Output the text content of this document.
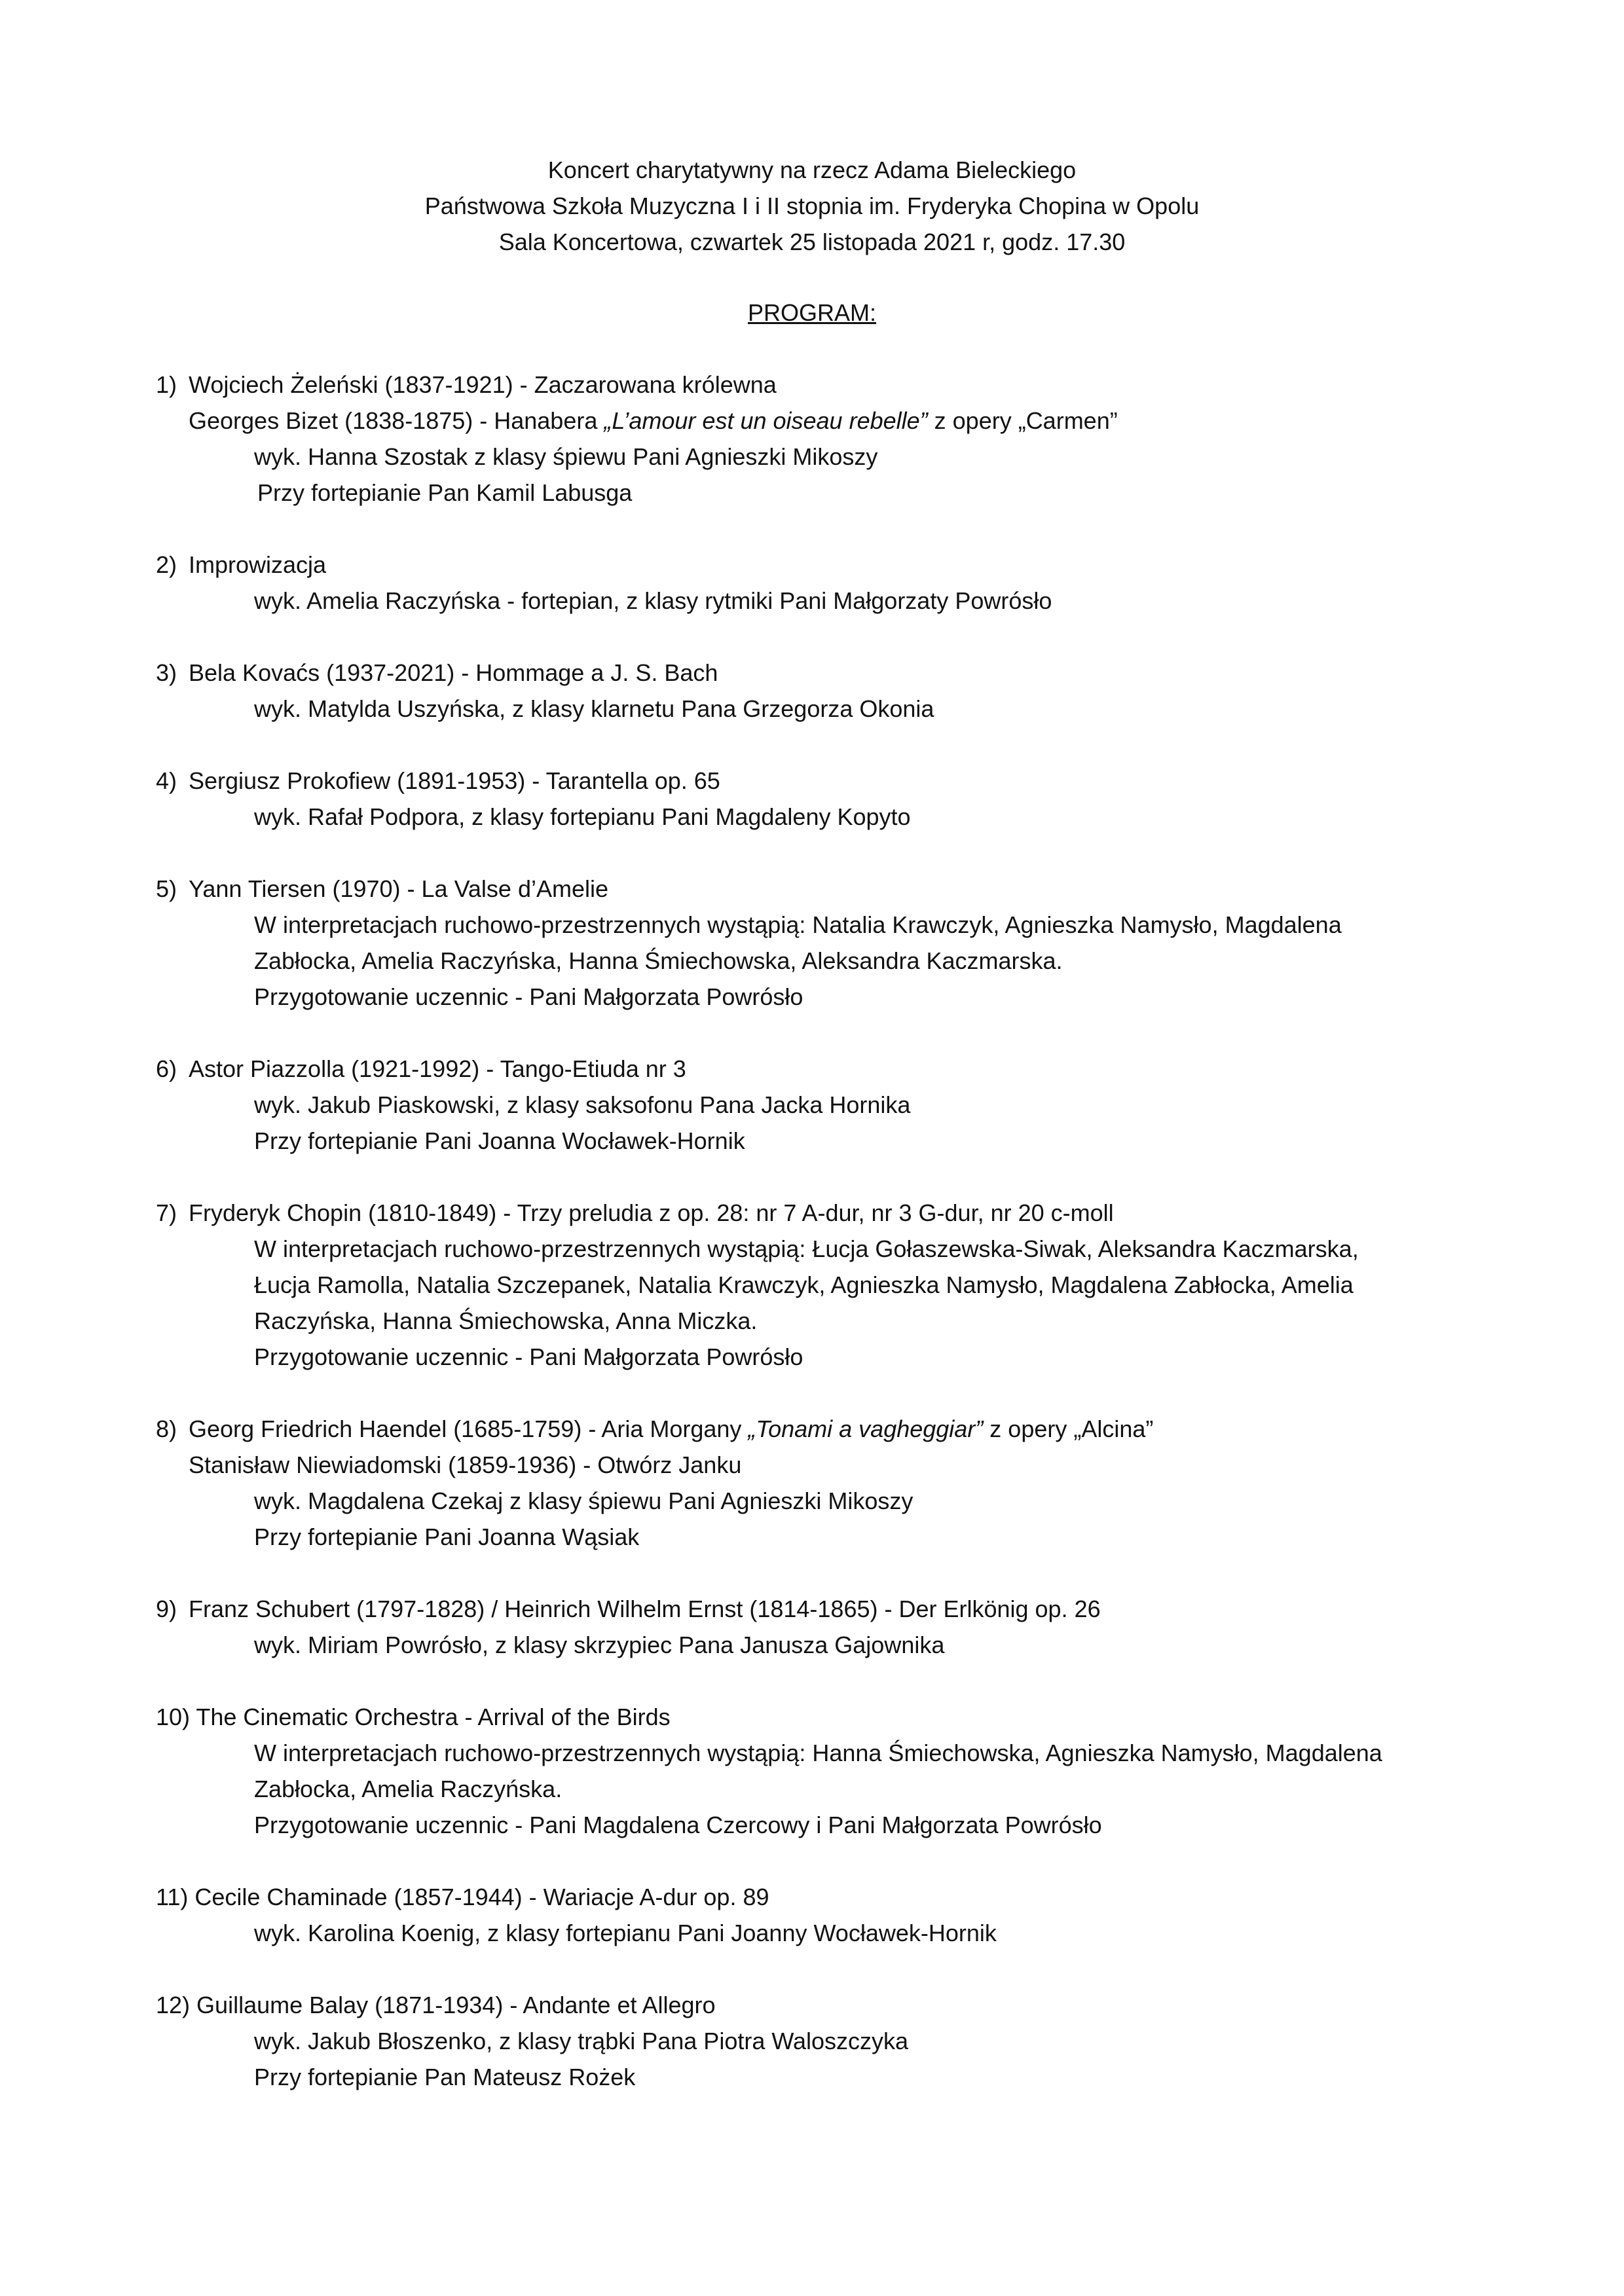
Koncert charytatywny na rzecz Adama Bieleckiego
Państwowa Szkoła Muzyczna I i II stopnia im. Fryderyka Chopina w Opolu
Sala Koncertowa, czwartek 25 listopada 2021 r, godz. 17.30
PROGRAM:
1) Wojciech Żeleński (1837-1921) - Zaczarowana królewna
Georges Bizet (1838-1875) - Hanabera „L’amour est un oiseau rebelle” z opery „Carmen”
wyk. Hanna Szostak z klasy śpiewu Pani Agnieszki Mikoszy
Przy fortepianie Pan Kamil Labusga
2) Improwizacja
wyk. Amelia Raczyńska - fortepian, z klasy rytmiki Pani Małgorzaty Powrósło
3) Bela Kovaćs (1937-2021) - Hommage a J. S. Bach
wyk. Matylda Uszyńska, z klasy klarnetu Pana Grzegorza Okonia
4) Sergiusz Prokofiew (1891-1953) - Tarantella op. 65
wyk. Rafał Podpora, z klasy fortepianu Pani Magdaleny Kopyto
5) Yann Tiersen (1970) - La Valse d’Amelie
W interpretacjach ruchowo-przestrzennych wystąpią: Natalia Krawczyk, Agnieszka Namysło, Magdalena
Zabłocka, Amelia Raczyńska, Hanna Śmiechowska, Aleksandra Kaczmarska.
Przygotowanie uczennic - Pani Małgorzata Powrósło
6) Astor Piazzolla (1921-1992) - Tango-Etiuda nr 3
wyk. Jakub Piaskowski, z klasy saksofonu Pana Jacka Hornika
Przy fortepianie Pani Joanna Wocławek-Hornik
7) Fryderyk Chopin (1810-1849) - Trzy preludia z op. 28: nr 7 A-dur, nr 3 G-dur, nr 20 c-moll
W interpretacjach ruchowo-przestrzennych wystąpią: Łucja Gołaszewska-Siwak, Aleksandra Kaczmarska,
Łucja Ramolla, Natalia Szczepanek, Natalia Krawczyk, Agnieszka Namysło, Magdalena Zabłocka, Amelia
Raczyńska, Hanna Śmiechowska, Anna Miczka.
Przygotowanie uczennic - Pani Małgorzata Powrósło
8) Georg Friedrich Haendel (1685-1759) - Aria Morgany „Tonami a vagheggiar” z opery „Alcina”
Stanisław Niewiadomski (1859-1936) - Otwórz Janku
wyk. Magdalena Czekaj z klasy śpiewu Pani Agnieszki Mikoszy
Przy fortepianie Pani Joanna Wąsiak
9) Franz Schubert (1797-1828) / Heinrich Wilhelm Ernst (1814-1865) - Der Erlkönig op. 26
wyk. Miriam Powrósło, z klasy skrzypiec Pana Janusza Gajownika
10) The Cinematic Orchestra - Arrival of the Birds
W interpretacjach ruchowo-przestrzennych wystąpią: Hanna Śmiechowska, Agnieszka Namysło, Magdalena
Zabłocka, Amelia Raczyńska.
Przygotowanie uczennic - Pani Magdalena Czercowy i Pani Małgorzata Powrósło
11) Cecile Chaminade (1857-1944) - Wariacje A-dur op. 89
wyk. Karolina Koenig, z klasy fortepianu Pani Joanny Wocławek-Hornik
12) Guillaume Balay (1871-1934) - Andante et Allegro
wyk. Jakub Błoszenko, z klasy trąbki Pana Piotra Waloszczyka
Przy fortepianie Pan Mateusz Rożek
